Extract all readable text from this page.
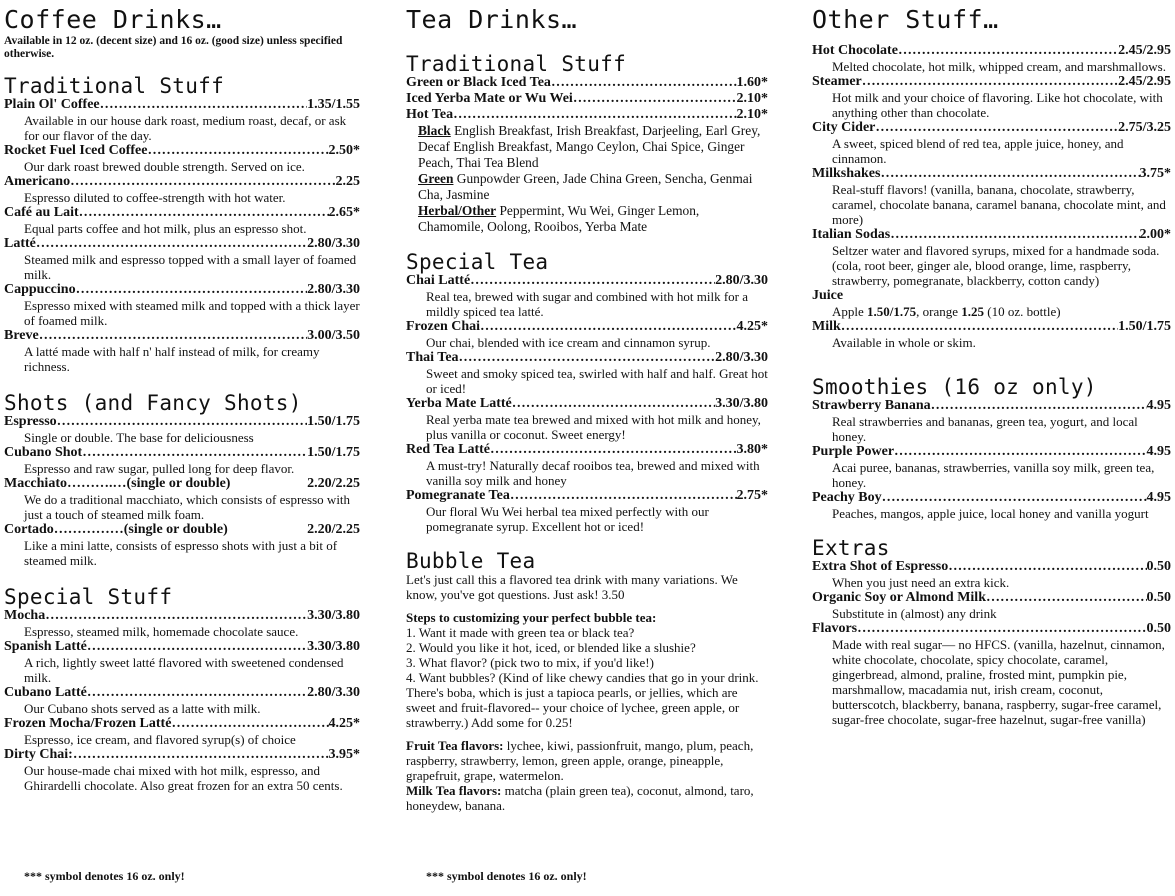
Coffee Drinks…
Available in 12 oz. (decent size) and 16 oz. (good size) unless specified otherwise.
Traditional Stuff
Plain Ol' Coffee …………………………………………………………………………………………………………………………………………	1.35/1.55
Available in our house dark roast, medium roast, decaf, or ask for our flavor of the day.
Rocket Fuel Iced Coffee …………………………………………………………………………………………………………………………………………	2.50*
Our dark roast brewed double strength. Served on ice.
Americano …………………………………………………………………………………………………………………………………………	2.25
Espresso diluted to coffee-strength with hot water.
Café au Lait …………………………………………………………………………………………………………………………………………	2.65*
Equal parts coffee and hot milk, plus an espresso shot.
Latté …………………………………………………………………………………………………………………………………………	2.80/3.30
Steamed milk and espresso topped with a small layer of foamed milk.
Cappuccino …………………………………………………………………………………………………………………………………………	2.80/3.30
Espresso mixed with steamed milk and topped with a thick layer of foamed milk.
Breve …………………………………………………………………………………………………………………………………………	3.00/3.50
A latté made with half n' half instead of milk, for creamy richness.
Shots (and Fancy Shots)
Espresso …………………………………………………………………………………………………………………………………………	1.50/1.75
Single or double. The base for deliciousness
Cubano Shot …………………………………………………………………………………………………………………………………………	1.50/1.75
Espresso and raw sugar, pulled long for deep flavor.
Macchiato……….…(single or double)	2.20/2.25
We do a traditional macchiato, which consists of espresso with just a touch of steamed milk foam.
Cortado……………(single or double)	2.20/2.25
Like a mini latte, consists of espresso shots with just a bit of steamed milk.
Special Stuff
Mocha …………………………………………………………………………………………………………………………………………	3.30/3.80
Espresso, steamed milk, homemade chocolate sauce.
Spanish Latté …………………………………………………………………………………………………………………………………………	3.30/3.80
A rich, lightly sweet latté flavored with sweetened condensed milk.
Cubano Latté …………………………………………………………………………………………………………………………………………	2.80/3.30
Our Cubano shots served as a latte with milk.
Frozen Mocha/Frozen Latté …………………………………………………………………………………………………………………………………………	4.25*
Espresso, ice cream, and flavored syrup(s) of choice
Dirty Chai: …………………………………………………………………………………………………………………………………………	3.95*
Our house-made chai mixed with hot milk, espresso, and Ghirardelli chocolate. Also great frozen for an extra 50 cents.
*** symbol denotes 16 oz. only!
Tea Drinks…
Traditional Stuff
Green or Black Iced Tea …………………………………………………………………………………………………………………………………………	1.60*
Iced Yerba Mate or Wu Wei …………………………………………………………………………………………………………………………………………	2.10*
Hot Tea …………………………………………………………………………………………………………………………………………	2.10*
Black English Breakfast, Irish Breakfast, Darjeeling, Earl Grey, Decaf English Breakfast, Mango Ceylon, Chai Spice, Ginger Peach, Thai Tea Blend
Green Gunpowder Green, Jade China Green, Sencha, Genmai Cha, Jasmine
Herbal/Other Peppermint, Wu Wei, Ginger Lemon, Chamomile, Oolong, Rooibos, Yerba Mate
Special Tea
Chai Latté …………………………………………………………………………………………………………………………………………	2.80/3.30
Real tea, brewed with sugar and combined with hot milk for a mildly spiced tea latté.
Frozen Chai …………………………………………………………………………………………………………………………………………	4.25*
Our chai, blended with ice cream and cinnamon syrup.
Thai Tea …………………………………………………………………………………………………………………………………………	2.80/3.30
Sweet and smoky spiced tea, swirled with half and half. Great hot or iced!
Yerba Mate Latté …………………………………………………………………………………………………………………………………………	3.30/3.80
Real yerba mate tea brewed and mixed with hot milk and honey, plus vanilla or coconut. Sweet energy!
Red Tea Latté …………………………………………………………………………………………………………………………………………	3.80*
A must-try! Naturally decaf rooibos tea, brewed and mixed with vanilla soy milk and honey
Pomegranate Tea …………………………………………………………………………………………………………………………………………	2.75*
Our floral Wu Wei herbal tea mixed perfectly with our pomegranate syrup. Excellent hot or iced!
Bubble Tea
Let's just call this a flavored tea drink with many variations. We know, you've got questions. Just ask! 3.50
Steps to customizing your perfect bubble tea:
1. Want it made with green tea or black tea?
2. Would you like it hot, iced, or blended like a slushie?
3. What flavor? (pick two to mix, if you'd like!)
4. Want bubbles? (Kind of like chewy candies that go in your drink. There's boba, which is just a tapioca pearls, or jellies, which are sweet and fruit-flavored-- your choice of lychee, green apple, or strawberry.) Add some for 0.25!
Fruit Tea flavors: lychee, kiwi, passionfruit, mango, plum, peach, raspberry, strawberry, lemon, green apple, orange, pineapple, grapefruit, grape, watermelon.
Milk Tea flavors: matcha (plain green tea), coconut, almond, taro, honeydew, banana.
*** symbol denotes 16 oz. only!
Other Stuff…
Hot Chocolate …………………………………………………………………………………………………………………………………………	2.45/2.95
Melted chocolate, hot milk, whipped cream, and marshmallows.
Steamer …………………………………………………………………………………………………………………………………………	2.45/2.95
Hot milk and your choice of flavoring. Like hot chocolate, with anything other than chocolate.
City Cider …………………………………………………………………………………………………………………………………………	2.75/3.25
A sweet, spiced blend of red tea, apple juice, honey, and cinnamon.
Milkshakes …………………………………………………………………………………………………………………………………………	3.75*
Real-stuff flavors! (vanilla, banana, chocolate, strawberry, caramel, chocolate banana, caramel banana, chocolate mint, and more)
Italian Sodas …………………………………………………………………………………………………………………………………………	2.00*
Seltzer water and flavored syrups, mixed for a handmade soda. (cola, root beer, ginger ale, blood orange, lime, raspberry, strawberry, pomegranate, blackberry, cotton candy)
Juice
Apple 1.50/1.75, orange 1.25 (10 oz. bottle)
Milk …………………………………………………………………………………………………………………………………………	1.50/1.75
Available in whole or skim.
Smoothies (16 oz only)
Strawberry Banana …………………………………………………………………………………………………………………………………………	4.95
Real strawberries and bananas, green tea, yogurt, and local honey.
Purple Power …………………………………………………………………………………………………………………………………………	4.95
Acai puree, bananas, strawberries, vanilla soy milk, green tea, honey.
Peachy Boy …………………………………………………………………………………………………………………………………………	4.95
Peaches, mangos, apple juice, local honey and vanilla yogurt
Extras
Extra Shot of Espresso …………………………………………………………………………………………………………………………………………	0.50
When you just need an extra kick.
Organic Soy or Almond Milk …………………………………………………………………………………………………………………………………………	0.50
Substitute in (almost) any drink
Flavors …………………………………………………………………………………………………………………………………………	0.50
Made with real sugar— no HFCS. (vanilla, hazelnut, cinnamon, white chocolate, chocolate, spicy chocolate, caramel, gingerbread, almond, praline, frosted mint, pumpkin pie, marshmallow, macadamia nut, irish cream, coconut, butterscotch, blackberry, banana, raspberry, sugar-free caramel, sugar-free chocolate, sugar-free hazelnut, sugar-free vanilla)
